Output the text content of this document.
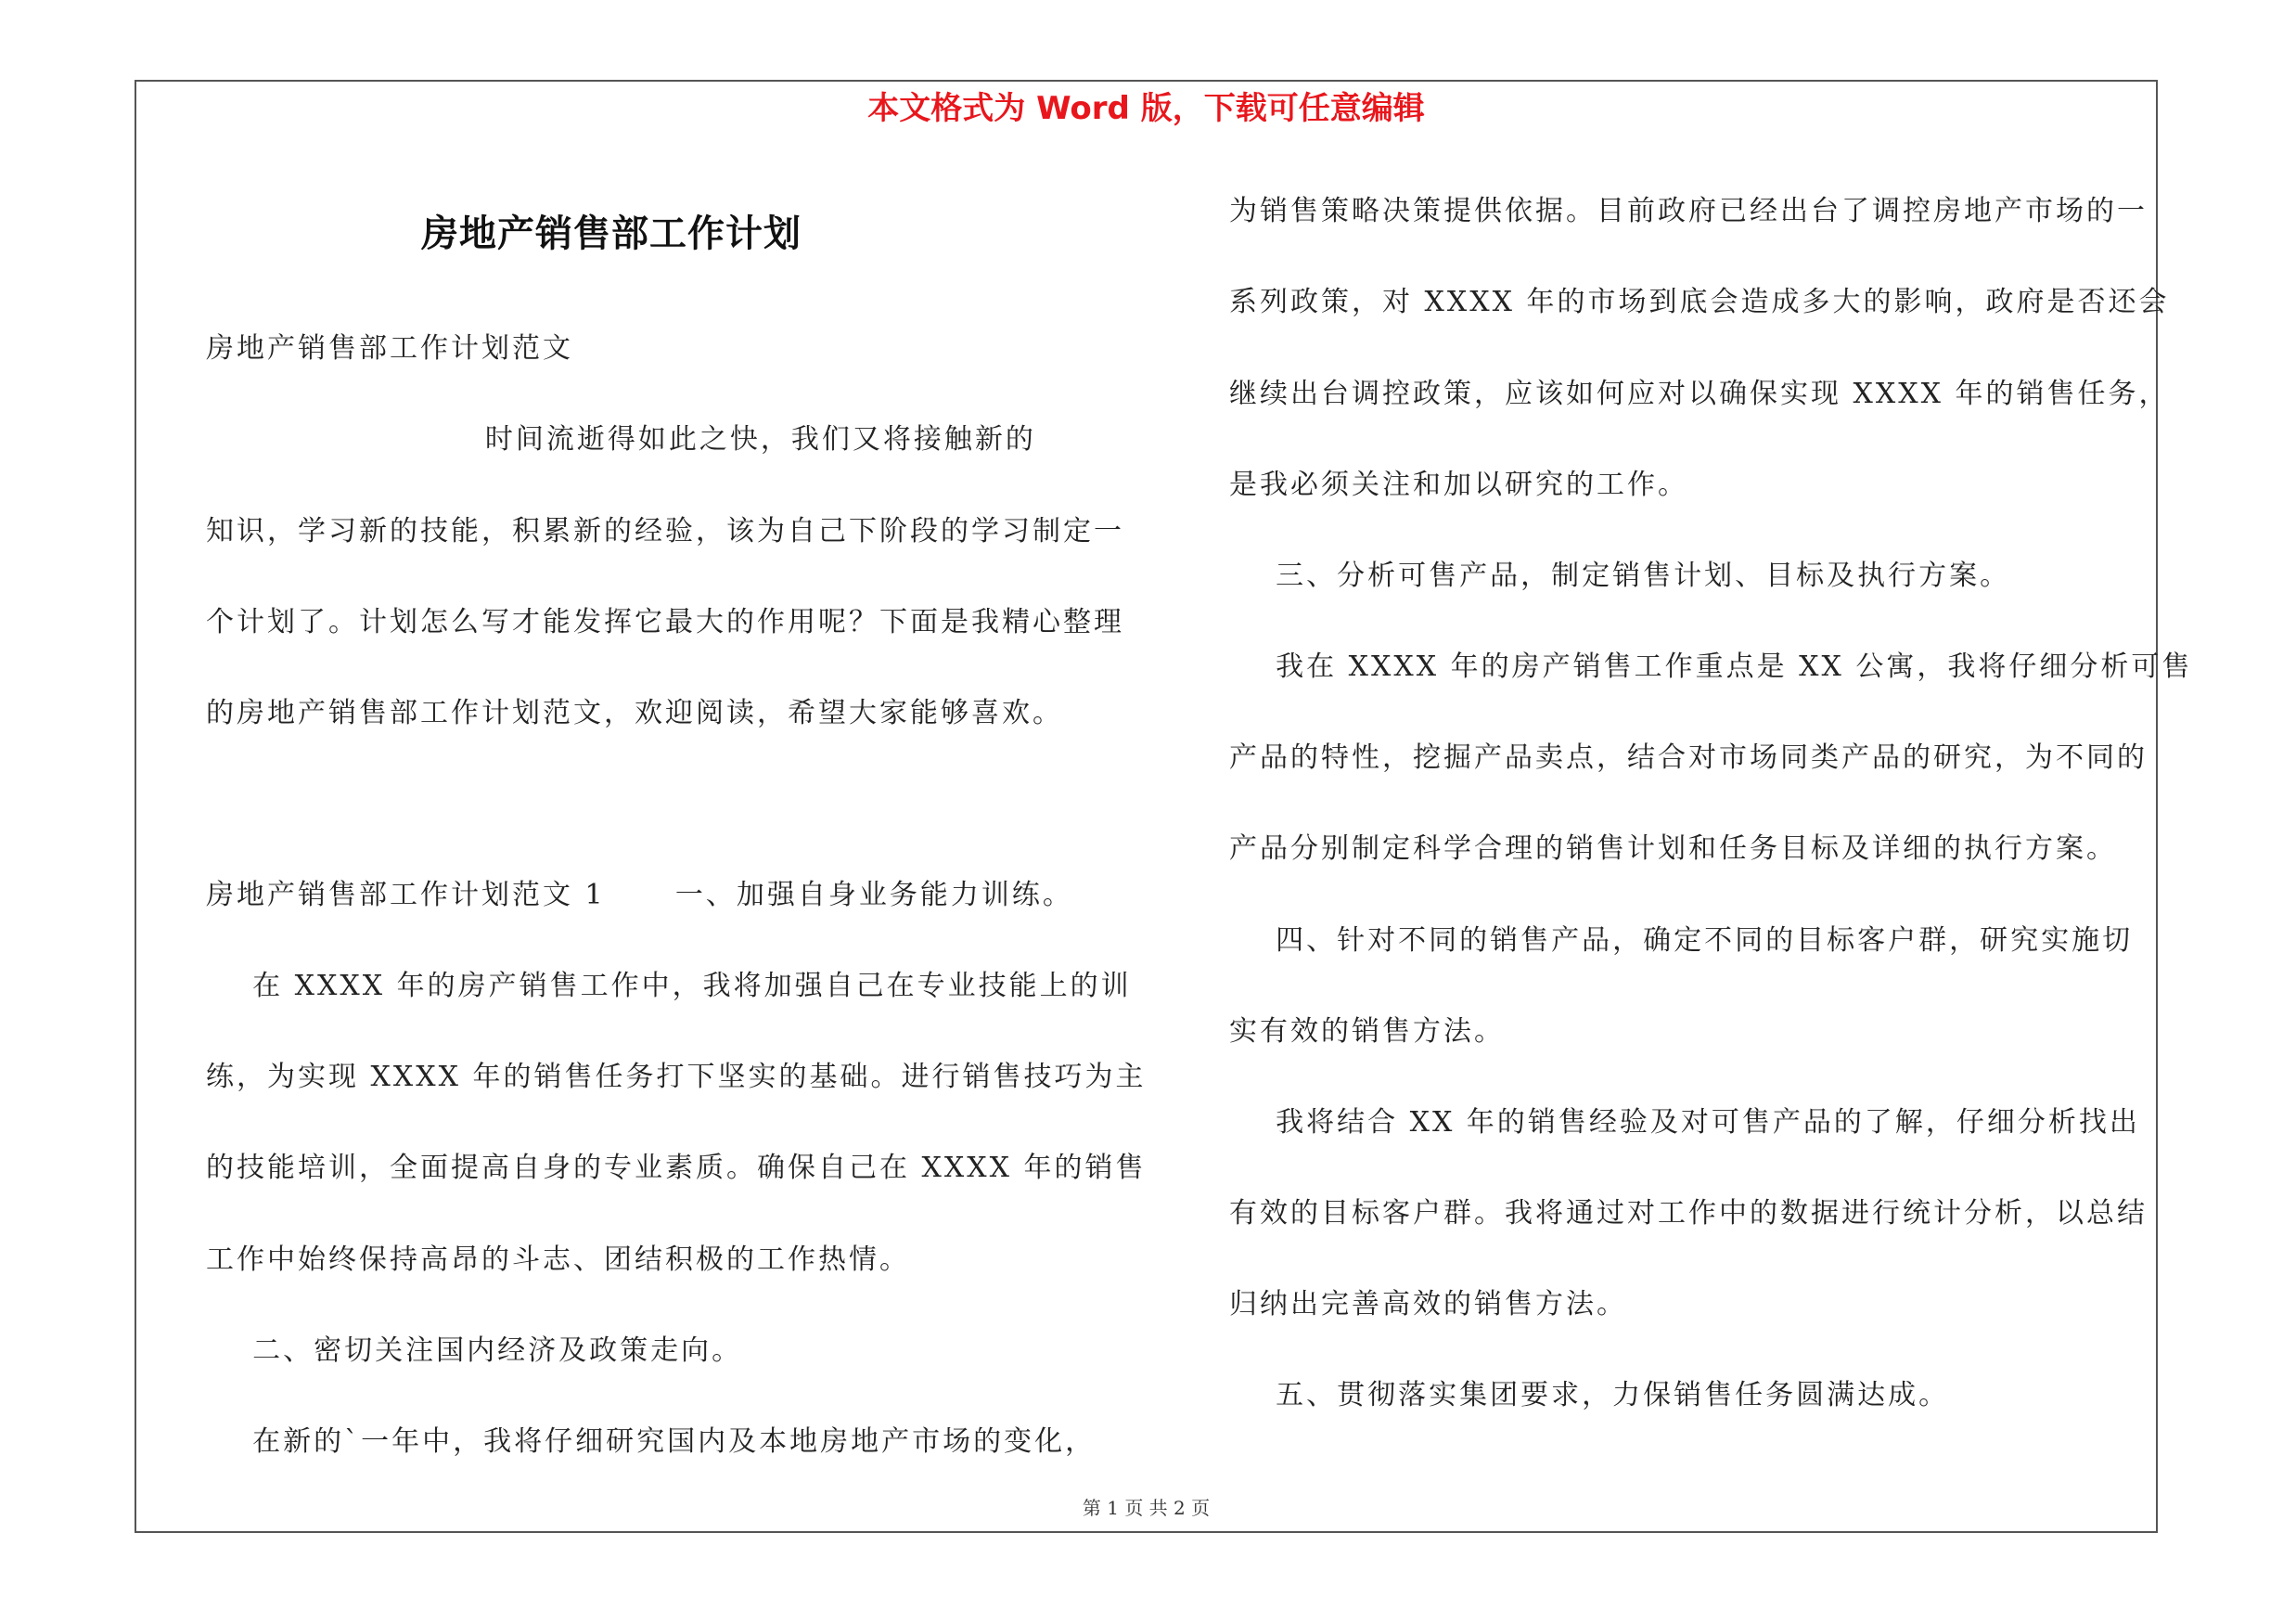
本文格式为 Word 版，下载可任意编辑
房地产销售部工作计划
房地产销售部工作计划范文
时间流逝得如此之快，我们又将接触新的
知识，学习新的技能，积累新的经验，该为自己下阶段的学习制定一
个计划了。计划怎么写才能发挥它最大的作用呢？下面是我精心整理
的房地产销售部工作计划范文，欢迎阅读，希望大家能够喜欢。
房地产销售部工作计划范文 1      一、加强自身业务能力训练。
在 XXXX 年的房产销售工作中，我将加强自己在专业技能上的训
练，为实现 XXXX 年的销售任务打下坚实的基础。进行销售技巧为主
的技能培训，全面提高自身的专业素质。确保自己在 XXXX 年的销售
工作中始终保持高昂的斗志、团结积极的工作热情。
二、密切关注国内经济及政策走向。
在新的`一年中，我将仔细研究国内及本地房地产市场的变化，
为销售策略决策提供依据。目前政府已经出台了调控房地产市场的一
系列政策，对 XXXX 年的市场到底会造成多大的影响，政府是否还会
继续出台调控政策，应该如何应对以确保实现 XXXX 年的销售任务，
是我必须关注和加以研究的工作。
三、分析可售产品，制定销售计划、目标及执行方案。
我在 XXXX 年的房产销售工作重点是 XX 公寓，我将仔细分析可售
产品的特性，挖掘产品卖点，结合对市场同类产品的研究，为不同的
产品分别制定科学合理的销售计划和任务目标及详细的执行方案。
四、针对不同的销售产品，确定不同的目标客户群，研究实施切
实有效的销售方法。
我将结合 XX 年的销售经验及对可售产品的了解，仔细分析找出
有效的目标客户群。我将通过对工作中的数据进行统计分析，以总结
归纳出完善高效的销售方法。
五、贯彻落实集团要求，力保销售任务圆满达成。
第 1 页 共 2 页
